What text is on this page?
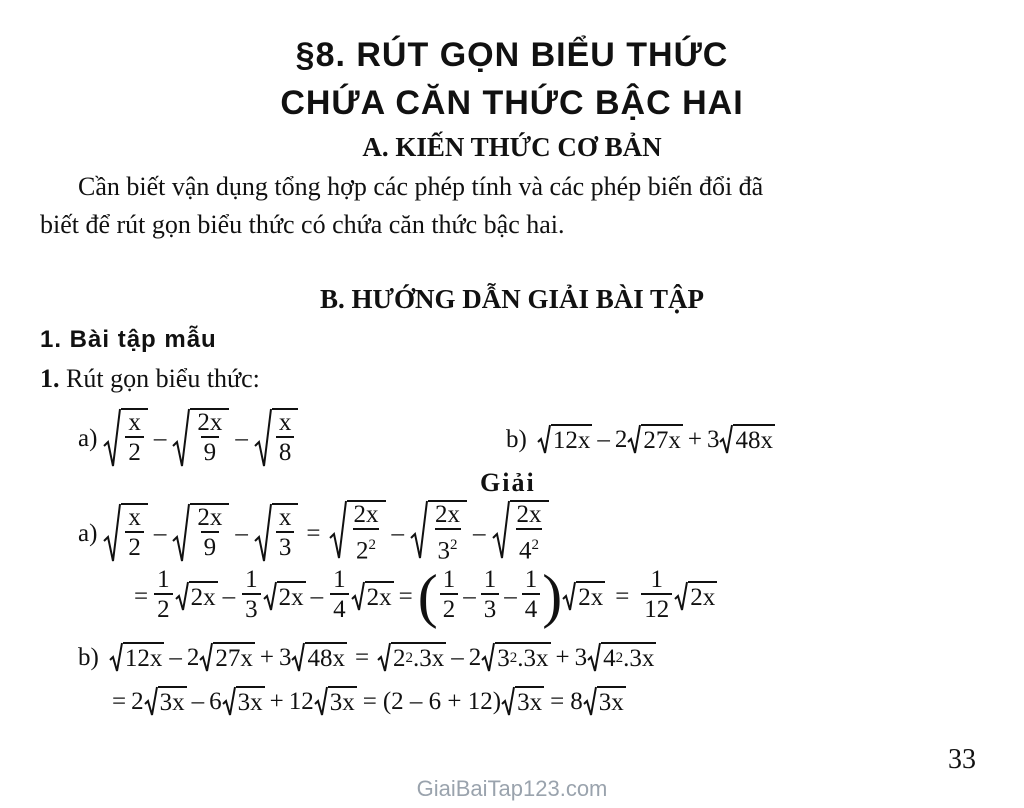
§8. RÚT GỌN BIỂU THỨC
CHỨA CĂN THỨC BẬC HAI
A. KIẾN THỨC CƠ BẢN
Cần biết vận dụng tổng hợp các phép tính và các phép biến đổi đã
biết để rút gọn biểu thức có chứa căn thức bậc hai.
B. HƯỚNG DẪN GIẢI BÀI TẬP
1. Bài tập mẫu
1. Rút gọn biểu thức:
$a) \frac{x}{2} - \frac{2x}{9} - \frac{x}{8}$	b) 12x – 2 27x + 3 48x
Giải
$a) \frac{x}{2} - \frac{2x}{9} - \frac{x}{3} = \frac{2x}{2^2} - \frac{2x}{3^2} - \frac{2x}{4^2}$
= $\frac{1}{2} 2x - \frac{1}{3} 2x - \frac{1}{4} 2x$ = ( $\frac{1}{2} - \frac{1}{3} - \frac{1}{4}$ ) $2x = \frac{1}{12} 2x$
b) 12x – 2 27x + 3 48x = 2 2 .3x – 2 3 2 .3x + 3 4 2 .3x
= 2 3x – 6 3x + 12 3x = (2 – 6 + 12) 3x = 8 3x
33
GiaiBaiTap123.com
